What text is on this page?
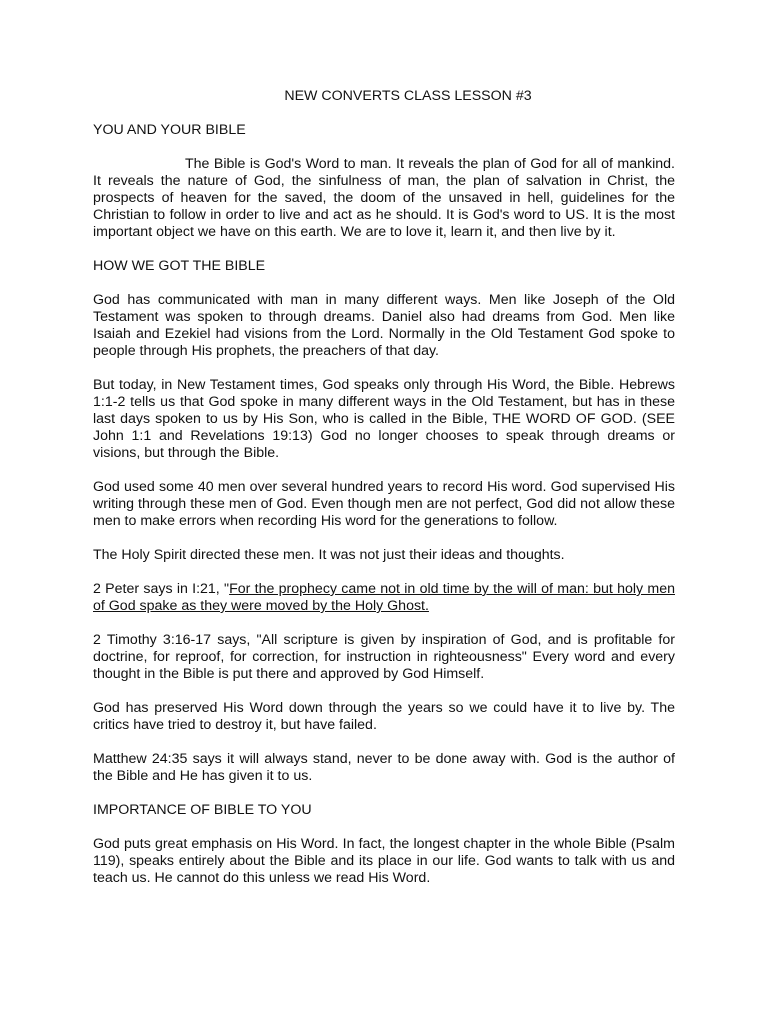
NEW CONVERTS CLASS LESSON #3
YOU AND YOUR BIBLE
The Bible is God's Word to man. It reveals the plan of God for all of mankind. It reveals the nature of God, the sinfulness of man, the plan of salvation in Christ, the prospects of heaven for the saved, the doom of the unsaved in hell, guidelines for the Christian to follow in order to live and act as he should. It is God's word to US. It is the most important object we have on this earth. We are to love it, learn it, and then live by it.
HOW WE GOT THE BIBLE
God has communicated with man in many different ways. Men like Joseph of the Old Testament was spoken to through dreams. Daniel also had dreams from God. Men like Isaiah and Ezekiel had visions from the Lord. Normally in the Old Testament God spoke to people through His prophets, the preachers of that day.
But today, in New Testament times, God speaks only through His Word, the Bible. Hebrews 1:1-2 tells us that God spoke in many different ways in the Old Testament, but has in these last days spoken to us by His Son, who is called in the Bible, THE WORD OF GOD. (SEE John 1:1 and Revelations 19:13) God no longer chooses to speak through dreams or visions, but through the Bible.
God used some 40 men over several hundred years to record His word. God supervised His writing through these men of God. Even though men are not perfect, God did not allow these men to make errors when recording His word for the generations to follow.
The Holy Spirit directed these men. It was not just their ideas and thoughts.
2 Peter says in I:21, "For the prophecy came not in old time by the will of man: but holy men of God spake as they were moved by the Holy Ghost.
2 Timothy 3:16-17 says, "All scripture is given by inspiration of God, and is profitable for doctrine, for reproof, for correction, for instruction in righteousness" Every word and every thought in the Bible is put there and approved by God Himself.
God has preserved His Word down through the years so we could have it to live by. The critics have tried to destroy it, but have failed.
Matthew 24:35 says it will always stand, never to be done away with. God is the author of the Bible and He has given it to us.
IMPORTANCE OF BIBLE TO YOU
God puts great emphasis on His Word. In fact, the longest chapter in the whole Bible (Psalm 119), speaks entirely about the Bible and its place in our life. God wants to talk with us and teach us. He cannot do this unless we read His Word.
